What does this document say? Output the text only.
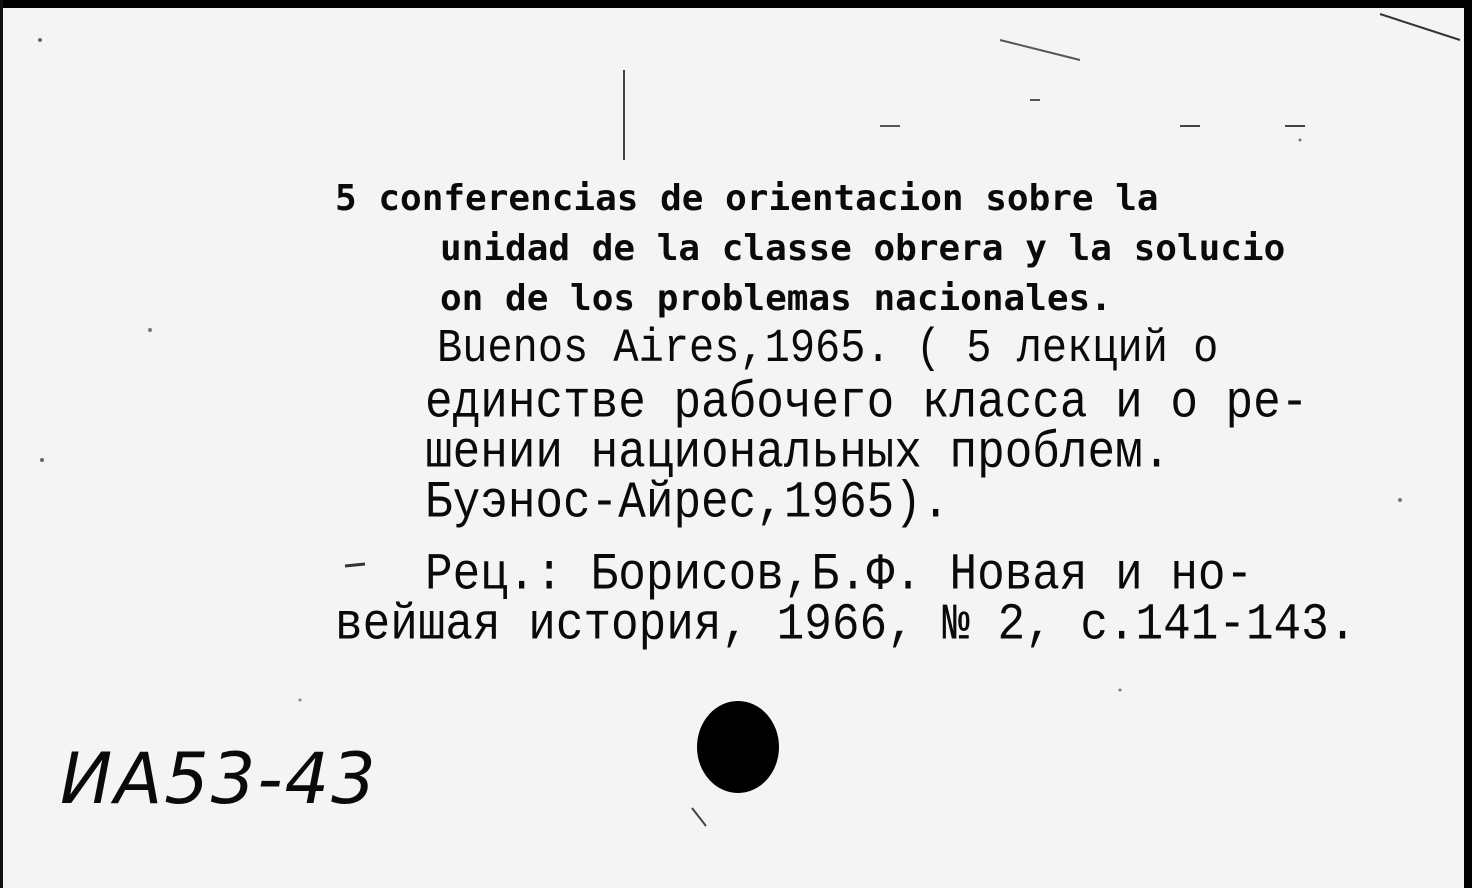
5 conferencias de orientacion sobre la
unidad de la classe obrera y la solucio
on de los problemas nacionales.
Buenos Aires,1965. ( 5 лекций о
единстве рабочего класса и о ре-
шении национальных проблем.
Буэнос-Айрес,1965).
Рец.: Борисов,Б.Ф. Новая и но-
вейшая история, 1966, № 2, с.141-143.
ИА53-43
